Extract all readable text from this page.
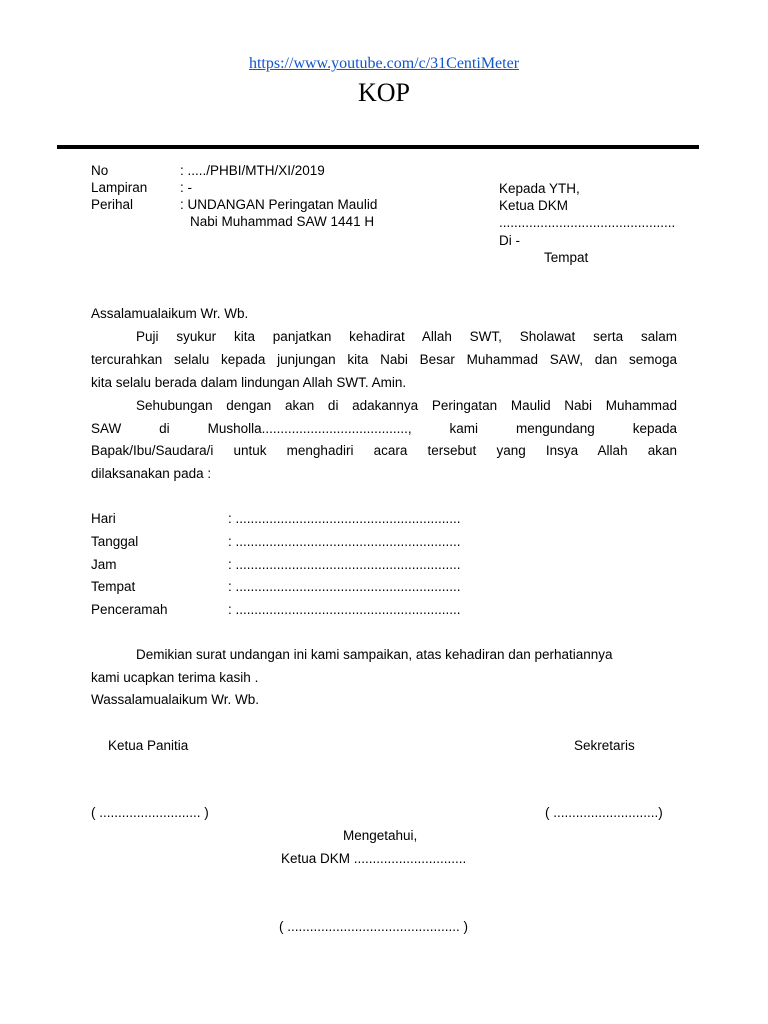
https://www.youtube.com/c/31CentiMeter
KOP
No	: ...../PHBI/MTH/XI/2019
Lampiran : -
Perihal	: UNDANGAN Peringatan Maulid
Nabi Muhammad SAW 1441 H
Kepada YTH,
Ketua DKM
...............................................
Di -
Tempat
Assalamualaikum Wr. Wb.
Puji syukur kita panjatkan kehadirat Allah SWT, Sholawat serta salam
tercurahkan selalu kepada junjungan kita Nabi Besar Muhammad SAW, dan semoga
kita selalu berada dalam lindungan Allah SWT. Amin.
Sehubungan dengan akan di adakannya Peringatan Maulid Nabi Muhammad
SAW di Musholla......................................., kami mengundang kepada
Bapak/Ibu/Saudara/i untuk menghadiri acara tersebut yang Insya Allah akan
dilaksanakan pada :
Hari	: ............................................................
Tanggal	: ............................................................
Jam	: ............................................................
Tempat	: ............................................................
Penceramah	: ............................................................
Demikian surat undangan ini kami sampaikan, atas kehadiran dan perhatiannya
kami ucapkan terima kasih .
Wassalamualaikum Wr. Wb.
Ketua Panitia	Sekretaris
( ........................... )	( ............................)
Mengetahui,
Ketua DKM ..............................
( .............................................. )
